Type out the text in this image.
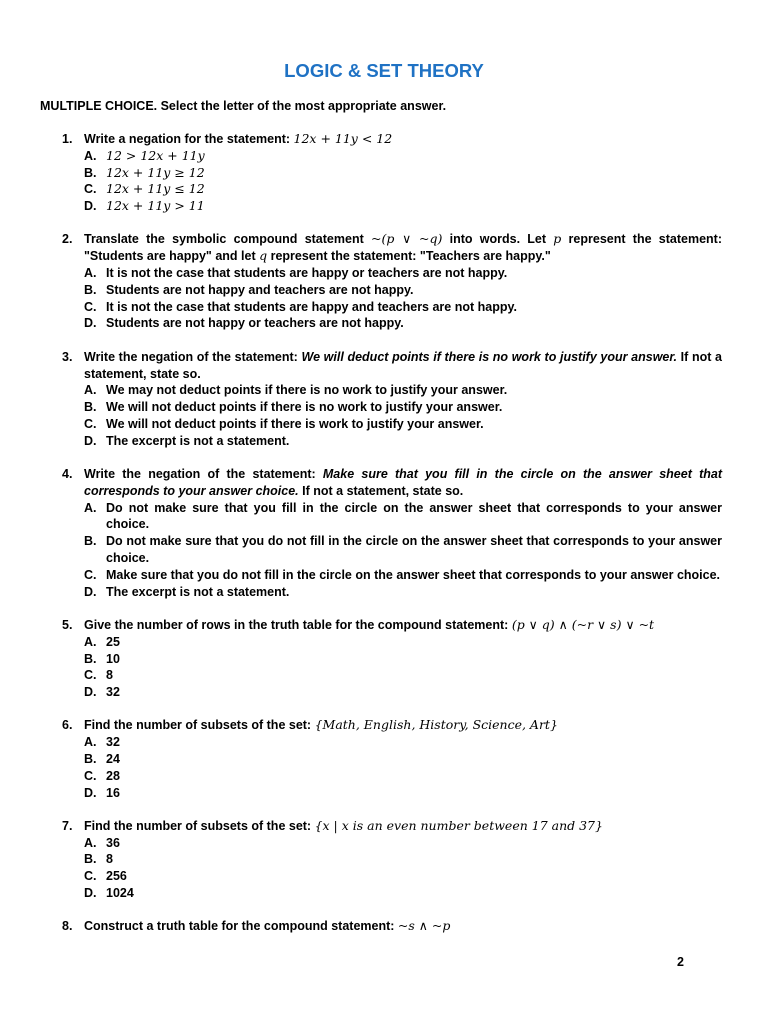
LOGIC & SET THEORY
MULTIPLE CHOICE. Select the letter of the most appropriate answer.
1. Write a negation for the statement: 12x + 11y < 12
A. 12 > 12x + 11y
B. 12x + 11y ≥ 12
C. 12x + 11y ≤ 12
D. 12x + 11y > 11
2. Translate the symbolic compound statement ~(p ∨ ~q) into words. Let p represent the statement: "Students are happy" and let q represent the statement: "Teachers are happy."
A. It is not the case that students are happy or teachers are not happy.
B. Students are not happy and teachers are not happy.
C. It is not the case that students are happy and teachers are not happy.
D. Students are not happy or teachers are not happy.
3. Write the negation of the statement: We will deduct points if there is no work to justify your answer. If not a statement, state so.
A. We may not deduct points if there is no work to justify your answer.
B. We will not deduct points if there is no work to justify your answer.
C. We will not deduct points if there is work to justify your answer.
D. The excerpt is not a statement.
4. Write the negation of the statement: Make sure that you fill in the circle on the answer sheet that corresponds to your answer choice. If not a statement, state so.
A. Do not make sure that you fill in the circle on the answer sheet that corresponds to your answer choice.
B. Do not make sure that you do not fill in the circle on the answer sheet that corresponds to your answer choice.
C. Make sure that you do not fill in the circle on the answer sheet that corresponds to your answer choice.
D. The excerpt is not a statement.
5. Give the number of rows in the truth table for the compound statement: (p ∨ q) ∧ (~r ∨ s) ∨ ~t
A. 25
B. 10
C. 8
D. 32
6. Find the number of subsets of the set: {Math, English, History, Science, Art}
A. 32
B. 24
C. 28
D. 16
7. Find the number of subsets of the set: {x | x is an even number between 17 and 37}
A. 36
B. 8
C. 256
D. 1024
8. Construct a truth table for the compound statement: ~s ∧ ~p
2
